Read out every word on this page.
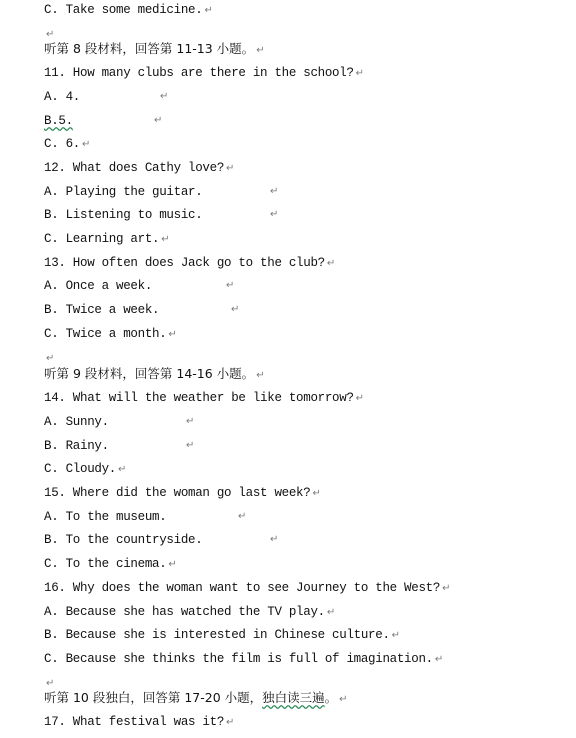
C. Take some medicine. ↵
↵
听第 8 段材料，回答第 11-13 小题。 ↵
11. How many clubs are there in the school? ↵
A. 4.	↵
B.5.	↵
C. 6. ↵
12. What does Cathy love? ↵
A. Playing the guitar.	↵
B. Listening to music.	↵
C. Learning art. ↵
13. How often does Jack go to the club? ↵
A. Once a week.	↵
B. Twice a week.	↵
C. Twice a month. ↵
↵
听第 9 段材料，回答第 14-16 小题。 ↵
14. What will the weather be like tomorrow? ↵
A. Sunny.	↵
B. Rainy.	↵
C. Cloudy. ↵
15. Where did the woman go last week? ↵
A. To the museum.	↵
B. To the countryside.	↵
C. To the cinema. ↵
16. Why does the woman want to see Journey to the West? ↵
A. Because she has watched the TV play. ↵
B. Because she is interested in Chinese culture. ↵
C. Because she thinks the film is full of imagination. ↵
↵
听第 10 段独白，回答第 17-20 小题，独白读三遍。 ↵
17. What festival was it? ↵
